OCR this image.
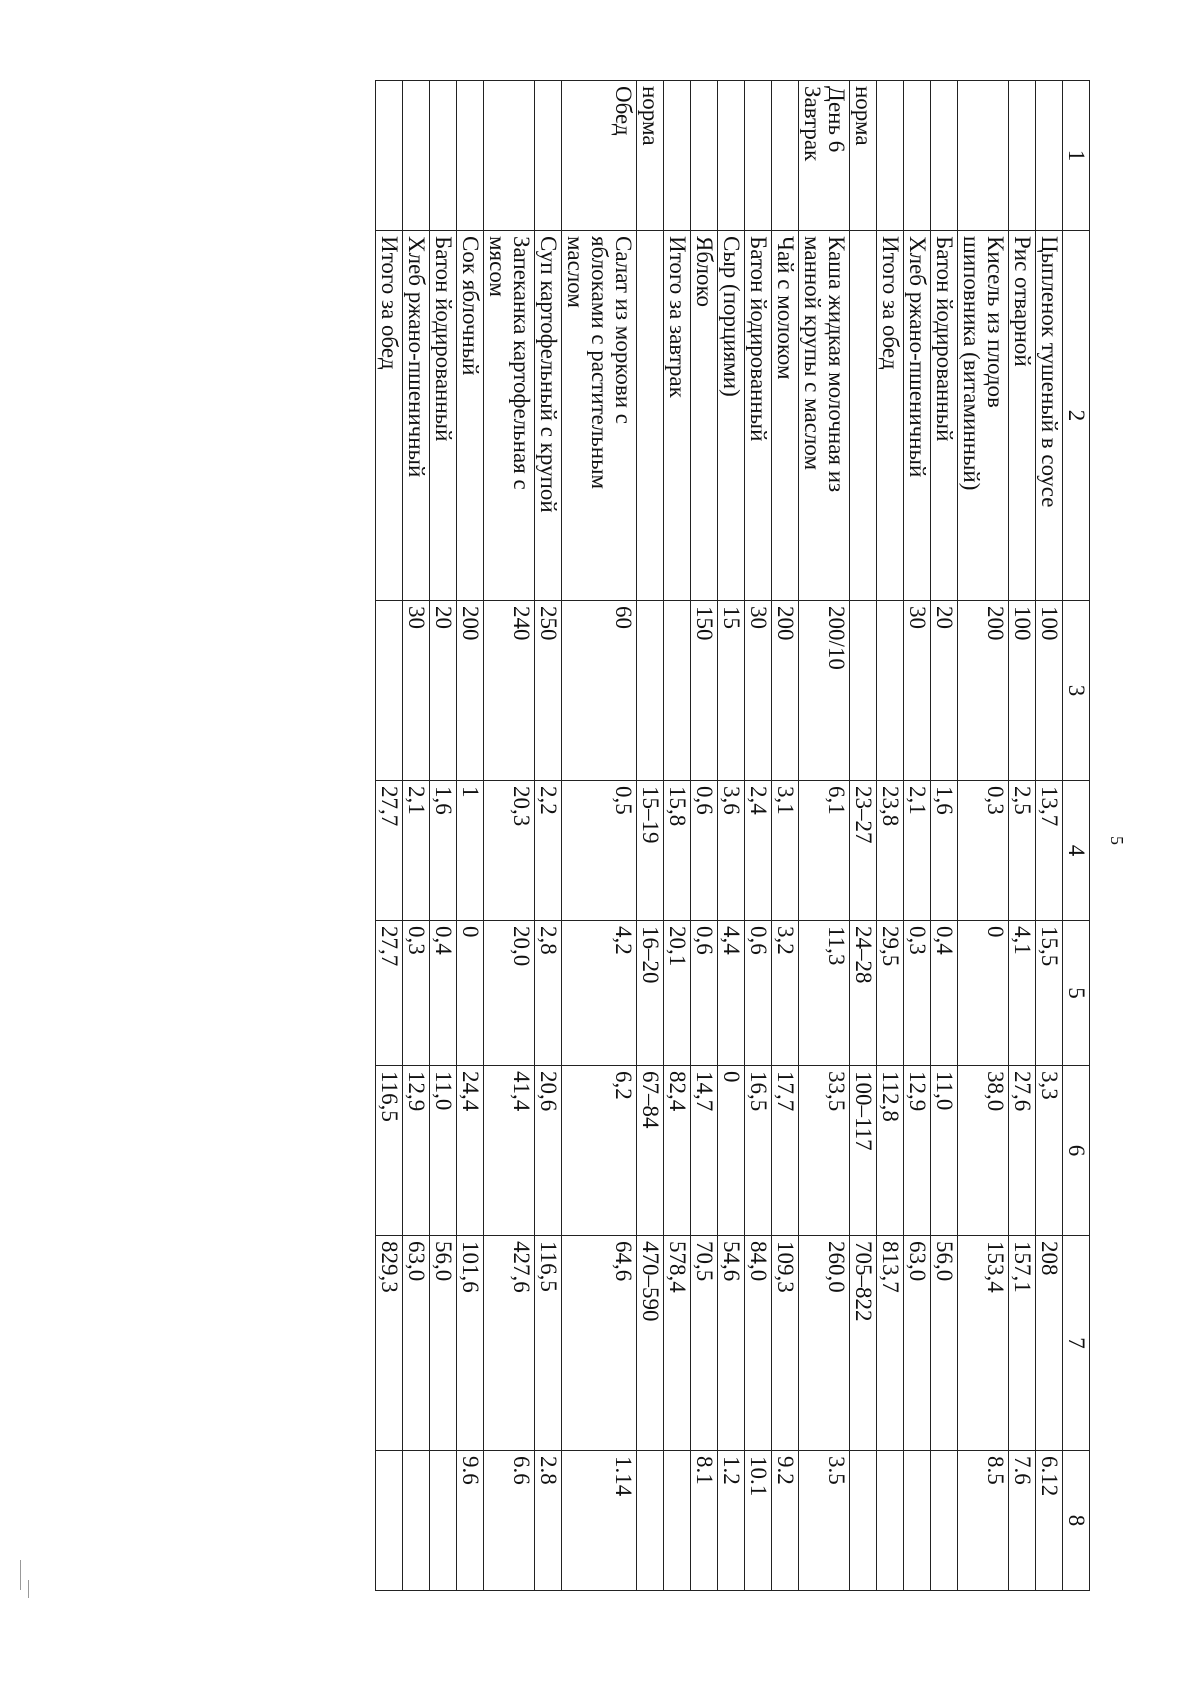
5
1	2	3	4	5	6	7	8
	Цыпленок тушеный в соусе	100	13,7	15,5	3,3	208	6.12
	Рис отварной	100	2,5	4,1	27,6	157,1	7.6
	Кисель из плодов
шиповника (витаминный)	200	0,3	0	38,0	153,4	8.5
	Батон йодированный	20	1,6	0,4	11,0	56,0	
	Хлеб ржано-пшеничный	30	2,1	0,3	12,9	63,0	
	Итого за обед		23,8	29,5	112,8	813,7	
норма			23–27	24–28	100–117	705–822	
День 6
Завтрак	Каша жидкая молочная из
манной крупы с маслом	200/10	6,1	11,3	33,5	260,0	3.5
	Чай с молоком	200	3,1	3,2	17,7	109,3	9.2
	Батон йодированный	30	2,4	0,6	16,5	84,0	10.1
	Сыр (порциями)	15	3,6	4,4	0	54,6	1.2
	Яблоко	150	0,6	0,6	14,7	70,5	8.1
	Итого за завтрак		15,8	20,1	82,4	578,4	
норма			15–19	16–20	67–84	470–590	
Обед	Салат из моркови с
яблоками с растительным
маслом	60	0,5	4,2	6,2	64,6	1.14
	Суп картофельный с крупой	250	2,2	2,8	20,6	116,5	2.8
	Запеканка картофельная с
мясом	240	20,3	20,0	41,4	427,6	6.6
	Сок яблочный	200	1	0	24,4	101,6	9.6
	Батон йодированный	20	1,6	0,4	11,0	56,0	
	Хлеб ржано-пшеничный	30	2,1	0,3	12,9	63,0	
	Итого за обед		27,7	27,7	116,5	829,3	
